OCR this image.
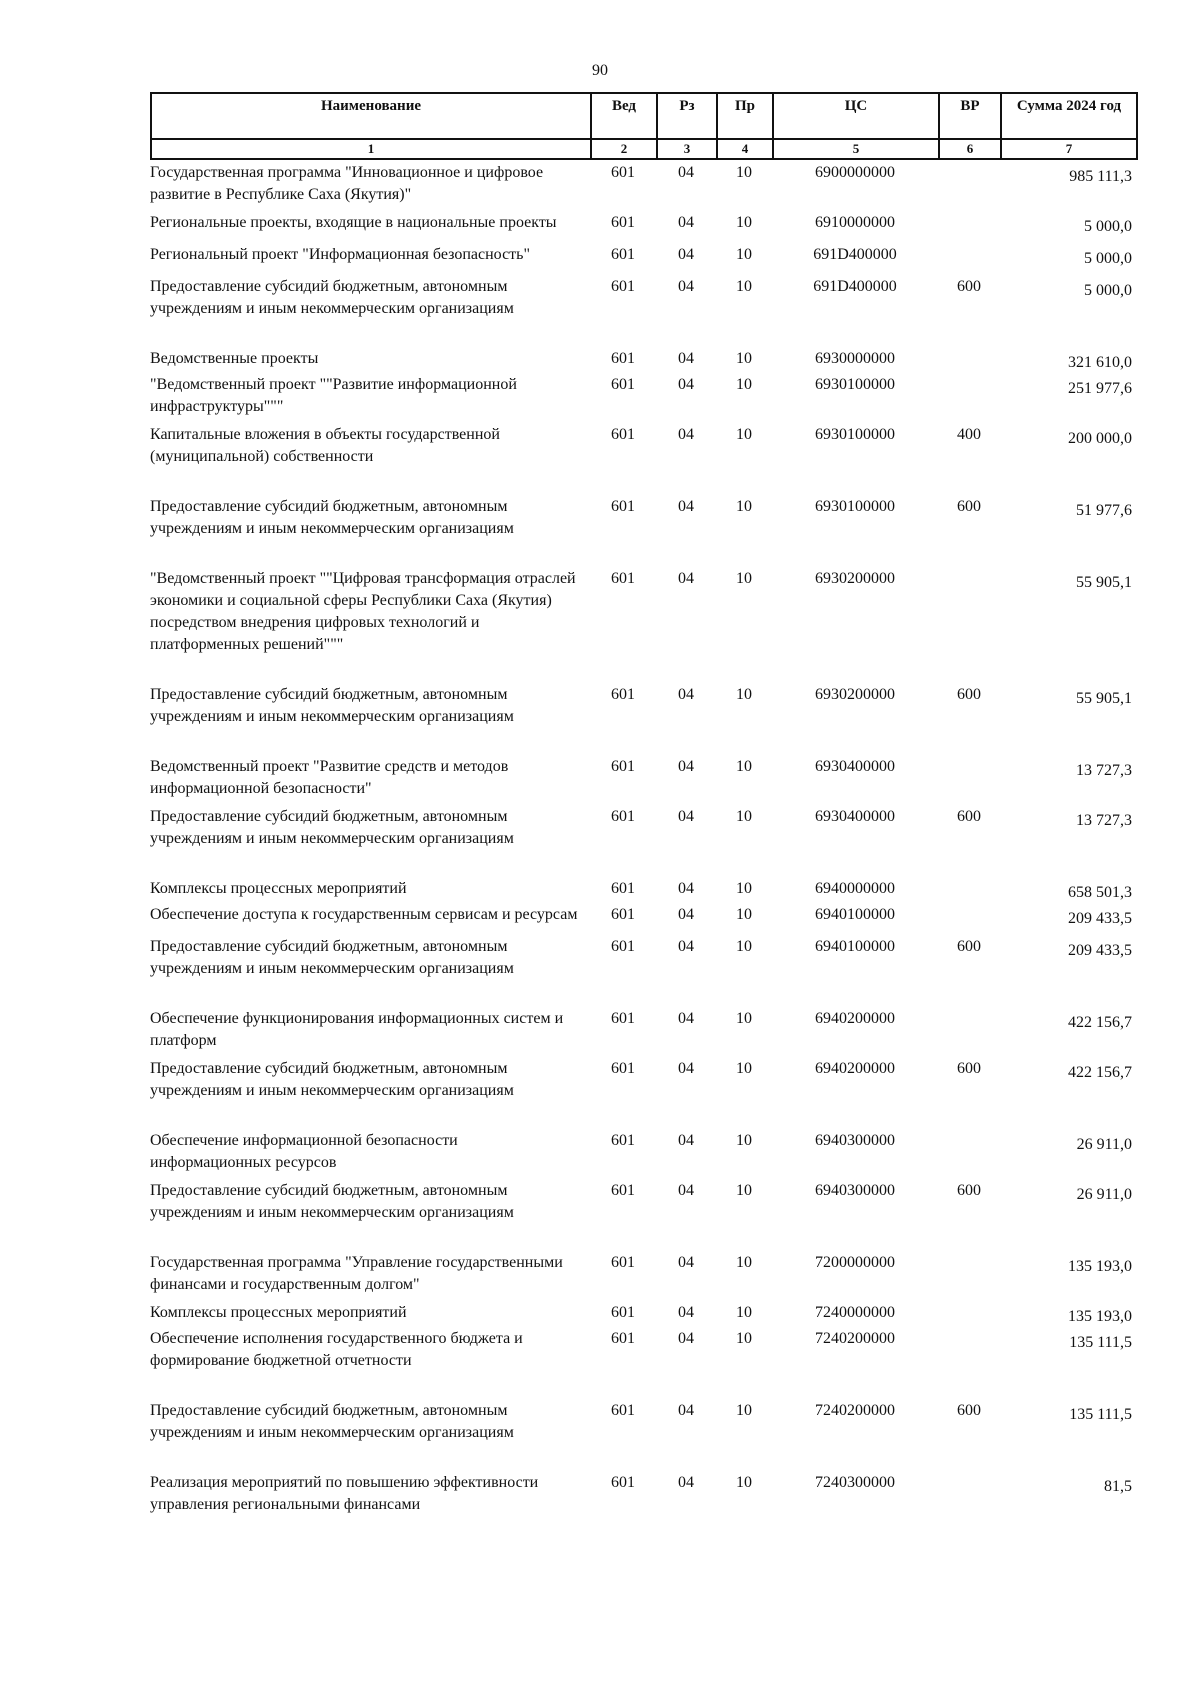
90
Наименование	Вед	Рз	Пр	ЦС	ВР	Сумма 2024 год
1	2	3	4	5	6	7
Государственная программа "Инновационное и цифровое развитие в Республике Саха (Якутия)"	601	04	10	6900000000		985 111,3

Региональные проекты, входящие в национальные проекты	601	04	10	6910000000		5 000,0

Региональный проект "Информационная безопасность"	601	04	10	691D400000		5 000,0

Предоставление субсидий бюджетным, автономным учреждениям и иным некоммерческим организациям	601	04	10	691D400000	600	5 000,0

Ведомственные проекты	601	04	10	6930000000		321 610,0
"Ведомственный проект ""Развитие информационной инфраструктуры"""	601	04	10	6930100000		251 977,6

Капитальные вложения в объекты государственной (муниципальной) собственности	601	04	10	6930100000	400	200 000,0

Предоставление субсидий бюджетным, автономным учреждениям и иным некоммерческим организациям	601	04	10	6930100000	600	51 977,6

"Ведомственный проект ""Цифровая трансформация отраслей экономики и социальной сферы Республики Саха (Якутия) посредством внедрения цифровых технологий и платформенных решений"""	601	04	10	6930200000		55 905,1

Предоставление субсидий бюджетным, автономным учреждениям и иным некоммерческим организациям	601	04	10	6930200000	600	55 905,1

Ведомственный проект "Развитие средств и методов информационной безопасности"	601	04	10	6930400000		13 727,3

Предоставление субсидий бюджетным, автономным учреждениям и иным некоммерческим организациям	601	04	10	6930400000	600	13 727,3

Комплексы процессных мероприятий	601	04	10	6940000000		658 501,3
Обеспечение доступа к государственным сервисам и ресурсам	601	04	10	6940100000		209 433,5

Предоставление субсидий бюджетным, автономным учреждениям и иным некоммерческим организациям	601	04	10	6940100000	600	209 433,5

Обеспечение функционирования информационных систем и платформ	601	04	10	6940200000		422 156,7

Предоставление субсидий бюджетным, автономным учреждениям и иным некоммерческим организациям	601	04	10	6940200000	600	422 156,7

Обеспечение информационной безопасности информационных ресурсов	601	04	10	6940300000		26 911,0

Предоставление субсидий бюджетным, автономным учреждениям и иным некоммерческим организациям	601	04	10	6940300000	600	26 911,0

Государственная программа "Управление государственными финансами и государственным долгом"	601	04	10	7200000000		135 193,0

Комплексы процессных мероприятий	601	04	10	7240000000		135 193,0
Обеспечение исполнения государственного бюджета и формирование бюджетной отчетности	601	04	10	7240200000		135 111,5

Предоставление субсидий бюджетным, автономным учреждениям и иным некоммерческим организациям	601	04	10	7240200000	600	135 111,5

Реализация мероприятий по повышению эффективности управления региональными финансами	601	04	10	7240300000		81,5
